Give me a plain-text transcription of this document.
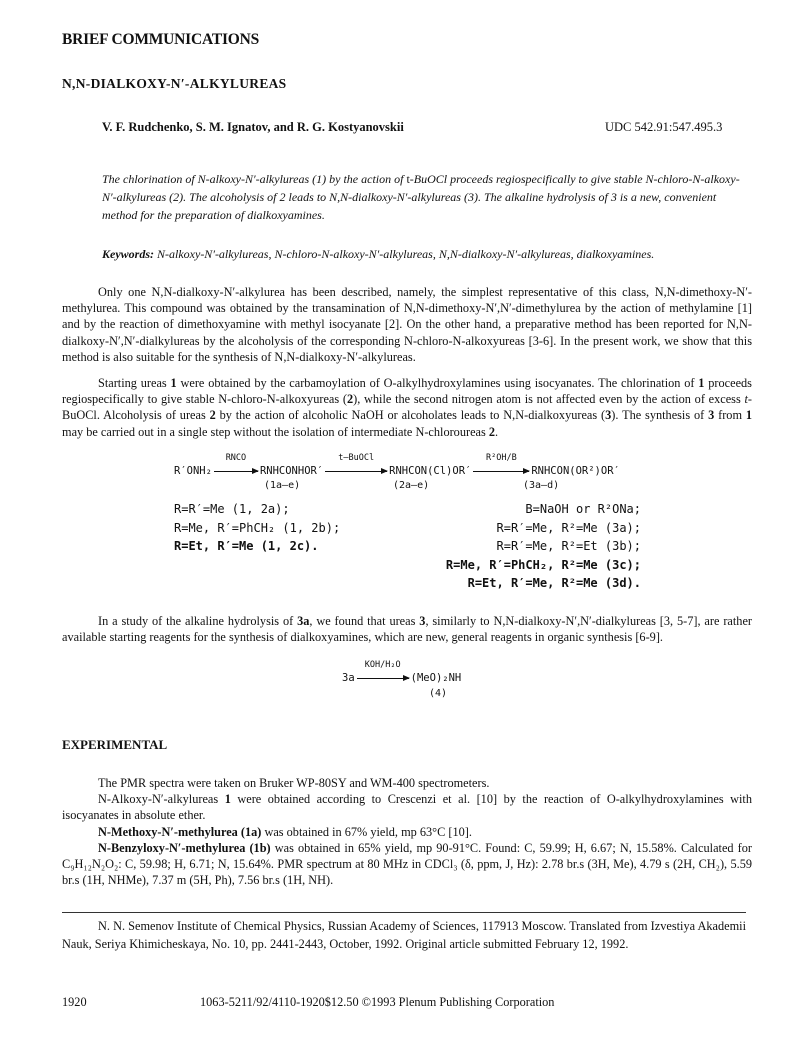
BRIEF COMMUNICATIONS
N,N-DIALKOXY-N′-ALKYLUREAS
V. F. Rudchenko, S. M. Ignatov, and R. G. Kostyanovskii	UDC 542.91:547.495.3
The chlorination of N-alkoxy-N′-alkylureas (1) by the action of t-BuOCl proceeds regiospecifically to give stable N-chloro-N-alkoxy-N′-alkylureas (2). The alcoholysis of 2 leads to N,N-dialkoxy-N′-alkylureas (3). The alkaline hydrolysis of 3 is a new, convenient method for the preparation of dialkoxyamines.
Keywords: N-alkoxy-N′-alkylureas, N-chloro-N-alkoxy-N′-alkylureas, N,N-dialkoxy-N′-alkylureas, dialkoxyamines.

Only one N,N-dialkoxy-N′-alkylurea has been described, namely, the simplest representative of this class, N,N-dimethoxy-N′-methylurea. This compound was obtained by the transamination of N,N-dimethoxy-N′,N′-dimethylurea by the action of methylamine [1] and by the reaction of dimethoxyamine with methyl isocyanate [2]. On the other hand, a preparative method has been reported for N,N-dialkoxy-N′,N′-dialkylureas by the alcoholysis of the corresponding N-chloro-N-alkoxyureas [3-6]. In the present work, we show that this method is also suitable for the synthesis of N,N-dialkoxy-N′-alkylureas.

Starting ureas 1 were obtained by the carbamoylation of O-alkylhydroxylamines using isocyanates. The chlorination of 1 proceeds regiospecifically to give stable N-chloro-N-alkoxyureas (2), while the second nitrogen atom is not affected even by the action of excess t-BuOCl. Alcoholysis of ureas 2 by the action of alcoholic NaOH or alcoholates leads to N,N-dialkoxyureas (3). The synthesis of 3 from 1 may be carried out in a single step without the isolation of intermediate N-chloroureas 2.

R′ONH₂
RNCO
RNHCONHOR′
t—BuOCl
RNHCON(Cl)OR′
R²OH/B
RNHCON(OR²)OR′
(1a—e)	(2a—e)	(3a—d)
R=R′=Me (1, 2a);
R=Me, R′=PhCH₂ (1, 2b);
R=Et, R′=Me (1, 2c).
B=NaOH or R²ONa;
R=R′=Me, R²=Me (3a);
R=R′=Me, R²=Et (3b);
R=Me, R′=PhCH₂, R²=Me (3c);
R=Et, R′=Me, R²=Me (3d).

In a study of the alkaline hydrolysis of 3a, we found that ureas 3, similarly to N,N-dialkoxy-N′,N′-dialkylureas [3, 5-7], are rather available starting reagents for the synthesis of dialkoxyamines, which are new, general reagents in organic synthesis [6-9].

3a
KOH/H₂O
(MeO)₂NH
(4)
EXPERIMENTAL

The PMR spectra were taken on Bruker WP-80SY and WM-400 spectrometers.

N-Alkoxy-N′-alkylureas 1 were obtained according to Crescenzi et al. [10] by the reaction of O-alkylhydroxylamines with isocyanates in absolute ether.

N-Methoxy-N′-methylurea (1a) was obtained in 67% yield, mp 63°C [10].

N-Benzyloxy-N′-methylurea (1b) was obtained in 65% yield, mp 90-91°C. Found: C, 59.99; H, 6.67; N, 15.58%. Calculated for C₉H₁₂N₂O₂: C, 59.98; H, 6.71; N, 15.64%. PMR spectrum at 80 MHz in CDCl₃ (δ, ppm, J, Hz): 2.78 br.s (3H, Me), 4.79 s (2H, CH₂), 5.59 br.s (1H, NHMe), 7.37 m (5H, Ph), 7.56 br.s (1H, NH).

N. N. Semenov Institute of Chemical Physics, Russian Academy of Sciences, 117913 Moscow. Translated from Izvestiya Akademii Nauk, Seriya Khimicheskaya, No. 10, pp. 2441-2443, October, 1992. Original article submitted February 12, 1992.

1920	1063-5211/92/4110-1920$12.50 ©1993 Plenum Publishing Corporation
